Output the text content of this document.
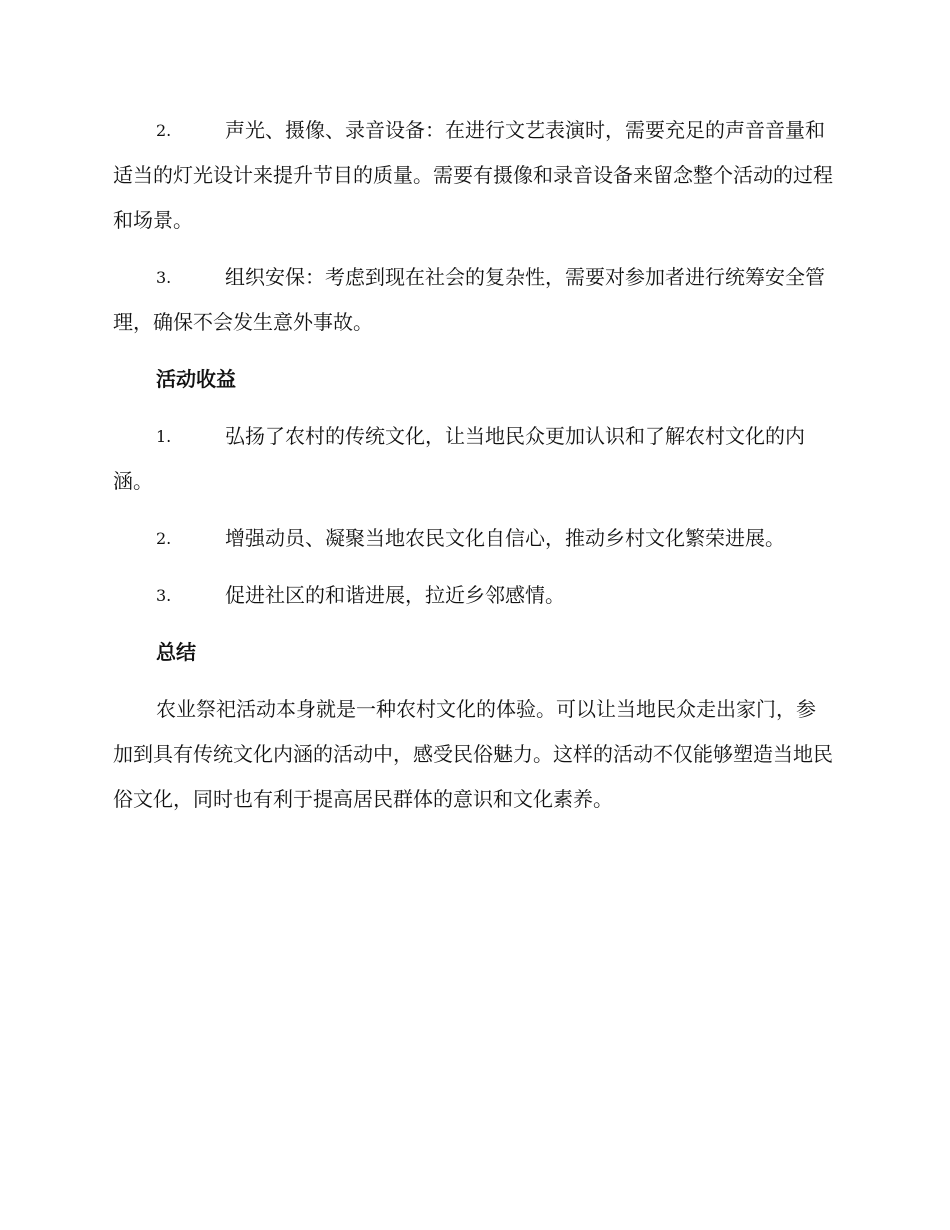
2.	声光、摄像、录音设备：在进行文艺表演时，需要充足的声音音量和适当的灯光设计来提升节目的质量。需要有摄像和录音设备来留念整个活动的过程和场景。
3.	组织安保：考虑到现在社会的复杂性，需要对参加者进行统筹安全管理，确保不会发生意外事故。
活动收益
1.	弘扬了农村的传统文化，让当地民众更加认识和了解农村文化的内涵。
2.	增强动员、凝聚当地农民文化自信心，推动乡村文化繁荣进展。
3.	促进社区的和谐进展，拉近乡邻感情。
总结

农业祭祀活动本身就是一种农村文化的体验。可以让当地民众走出家门，参加到具有传统文化内涵的活动中，感受民俗魅力。这样的活动不仅能够塑造当地民俗文化，同时也有利于提高居民群体的意识和文化素养。
